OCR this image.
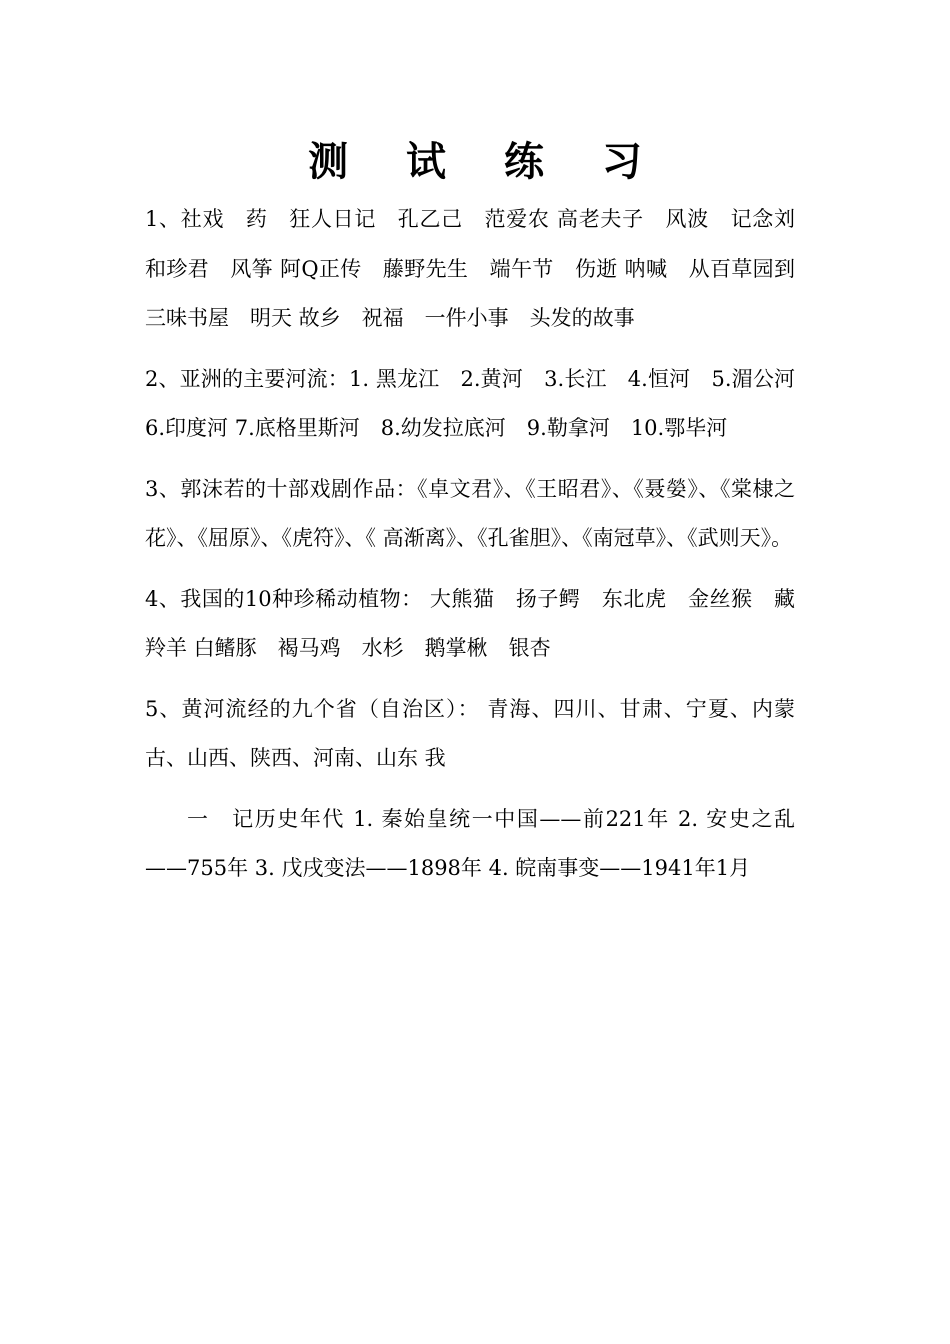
测 试 练 习

1、社戏　药　狂人日记　孔乙己　范爱农 高老夫子　风波　记念刘和珍君　风筝 阿Q正传　藤野先生　端午节　伤逝 呐喊　从百草园到三味书屋　明天 故乡　祝福　一件小事　头发的故事

2、亚洲的主要河流：1. 黑龙江　2.黄河　3.长江　4.恒河　5.湄公河　6.印度河 7.底格里斯河　8.幼发拉底河　9.勒拿河　10.鄂毕河

3、郭沫若的十部戏剧作品：《卓文君》、《王昭君》、《聂嫈》、《棠棣之花》、《屈原》、《虎符》、《 高渐离》、《孔雀胆》、《南冠草》、《武则天》。

4、我国的10种珍稀动植物： 大熊猫　扬子鳄　东北虎　金丝猴　藏羚羊 白鳍豚　褐马鸡　水杉　鹅掌楸　银杏

5、黄河流经的九个省（自治区）： 青海、四川、甘肃、宁夏、内蒙古、山西、陕西、河南、山东 我

一　记历史年代 1. 秦始皇统一中国——前221年 2. 安史之乱——755年 3. 戊戌变法——1898年 4. 皖南事变——1941年1月
